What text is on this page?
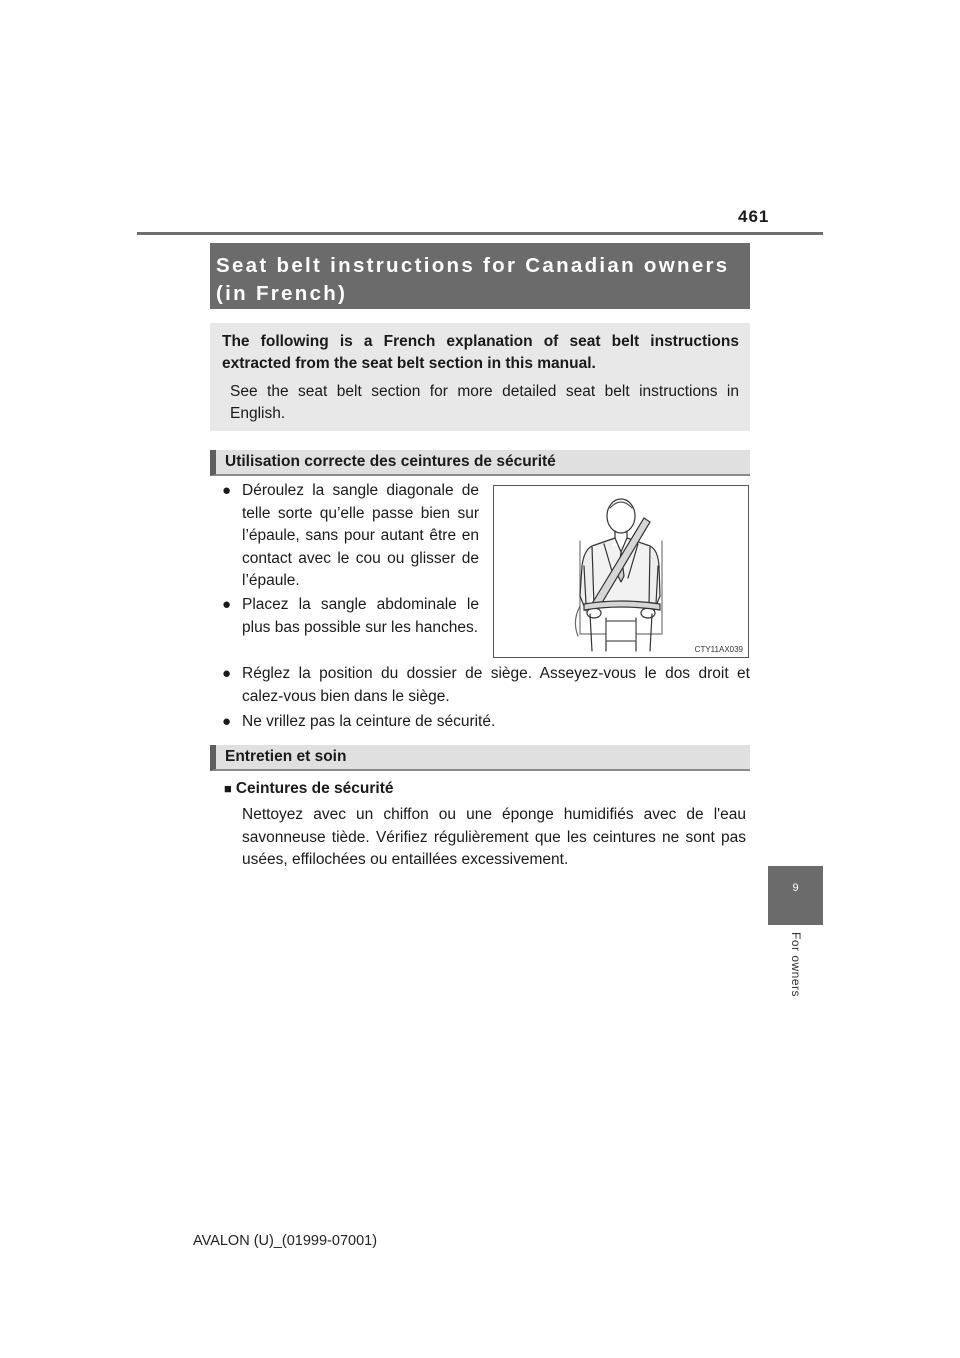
461
Seat belt instructions for Canadian owners (in French)

The following is a French explanation of seat belt instructions extracted from the seat belt section in this manual.

See the seat belt section for more detailed seat belt instructions in English.

Utilisation correcte des ceintures de sécurité
● Déroulez la sangle diagonale de telle sorte qu’elle passe bien sur l’épaule, sans pour autant être en contact avec le cou ou glisser de l’épaule.
● Placez la sangle abdominale le plus bas possible sur les hanches.
● Réglez la position du dossier de siège. Asseyez-vous le dos droit et calez-vous bien dans le siège.
● Ne vrillez pas la ceinture de sécurité.
CTY11AX039
Entretien et soin
■ Ceintures de sécurité
Nettoyez avec un chiffon ou une éponge humidifiés avec de l'eau savonneuse tiède. Vérifiez régulièrement que les ceintures ne sont pas usées, effilochées ou entaillées excessivement.
9
For owners
AVALON (U)_(01999-07001)
